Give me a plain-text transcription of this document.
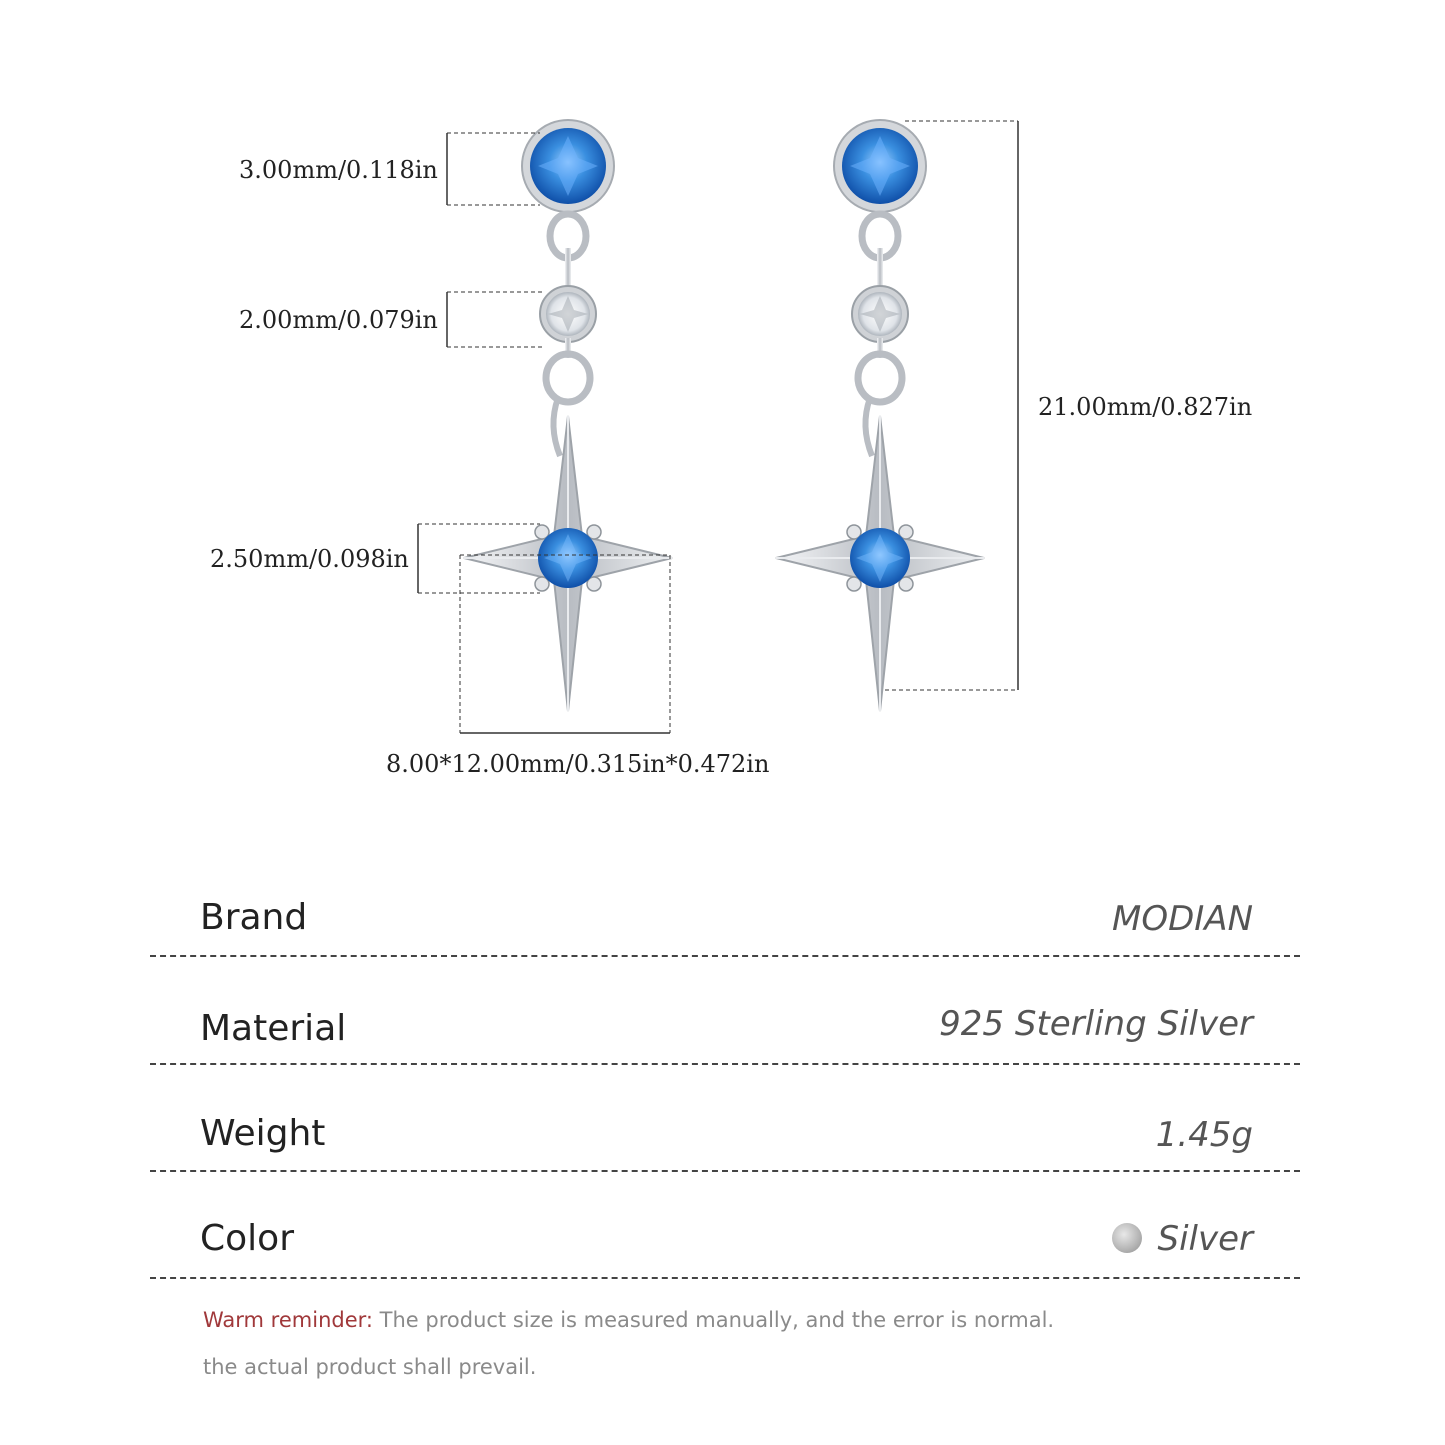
3.00mm/0.118in
2.00mm/0.079in
2.50mm/0.098in
8.00*12.00mm/0.315in*0.472in
21.00mm/0.827in
Brand	MODIAN
Material	925 Sterling Silver
Weight	1.45g
Color	Silver
Warm reminder: The product size is measured manually, and the error is normal.
the actual product shall prevail.
